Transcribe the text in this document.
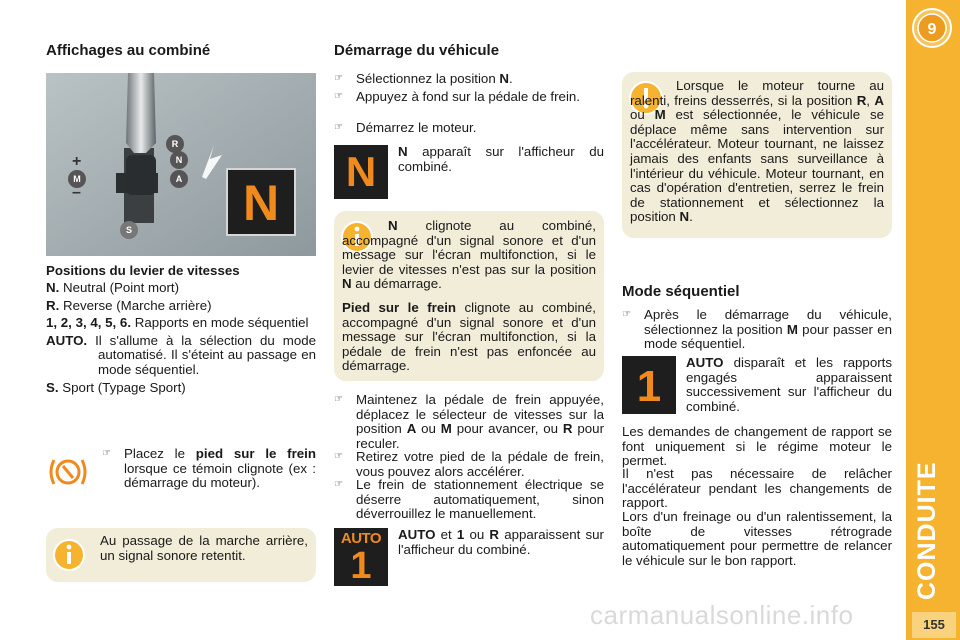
9
CONDUITE
155
carmanualsonline.info
Affichages au combiné
R
N
A
M
+
–
S N
Positions du levier de vitesses
N. Neutral (Point mort)
R. Reverse (Marche arrière)
1, 2, 3, 4, 5, 6. Rapports en mode séquentiel
AUTO. Il s'allume à la sélection du mode automatisé. Il s'éteint au passage en mode séquentiel.
S. Sport (Typage Sport)
☞ Placez le pied sur le frein lorsque ce témoin clignote (ex : démarrage du moteur).

Au passage de la marche arrière, un signal sonore retentit.

Démarrage du véhicule
☞ Sélectionnez la position N.
☞ Appuyez à fond sur la pédale de frein.
☞ Démarrez le moteur.
N	N apparaît sur l'afficheur du combiné.

N clignote au combiné, accompagné d'un signal sonore et d'un message sur l'écran multifonction, si le levier de vitesses n'est pas sur la position N au démarrage.

Pied sur le frein clignote au combiné, accompagné d'un signal sonore et d'un message sur l'écran multifonction, si la pédale de frein n'est pas enfoncée au démarrage.

☞ Maintenez la pédale de frein appuyée, déplacez le sélecteur de vitesses sur la position A ou M pour avancer, ou R pour reculer.
☞ Retirez votre pied de la pédale de frein, vous pouvez alors accélérer.
☞ Le frein de stationnement électrique se déserre automatiquement, sinon déverrouillez le manuellement.
AUTO
1

AUTO et 1 ou R apparaissent sur l'afficheur du combiné.

Lorsque le moteur tourne au ralenti, freins desserrés, si la position R, A ou M est sélectionnée, le véhicule se déplace même sans intervention sur l'accélérateur. Moteur tournant, ne laissez jamais des enfants sans surveillance à l'intérieur du véhicule. Moteur tournant, en cas d'opération d'entretien, serrez le frein de stationnement et sélectionnez la position N.

Mode séquentiel
☞ Après le démarrage du véhicule, sélectionnez la position M pour passer en mode séquentiel.
1	AUTO disparaît et les rapports engagés apparaissent successivement sur l'afficheur du combiné.

Les demandes de changement de rapport se font uniquement si le régime moteur le permet.

Il n'est pas nécessaire de relâcher l'accélérateur pendant les changements de rapport.

Lors d'un freinage ou d'un ralentissement, la boîte de vitesses rétrograde automatiquement pour permettre de relancer le véhicule sur le bon rapport.
